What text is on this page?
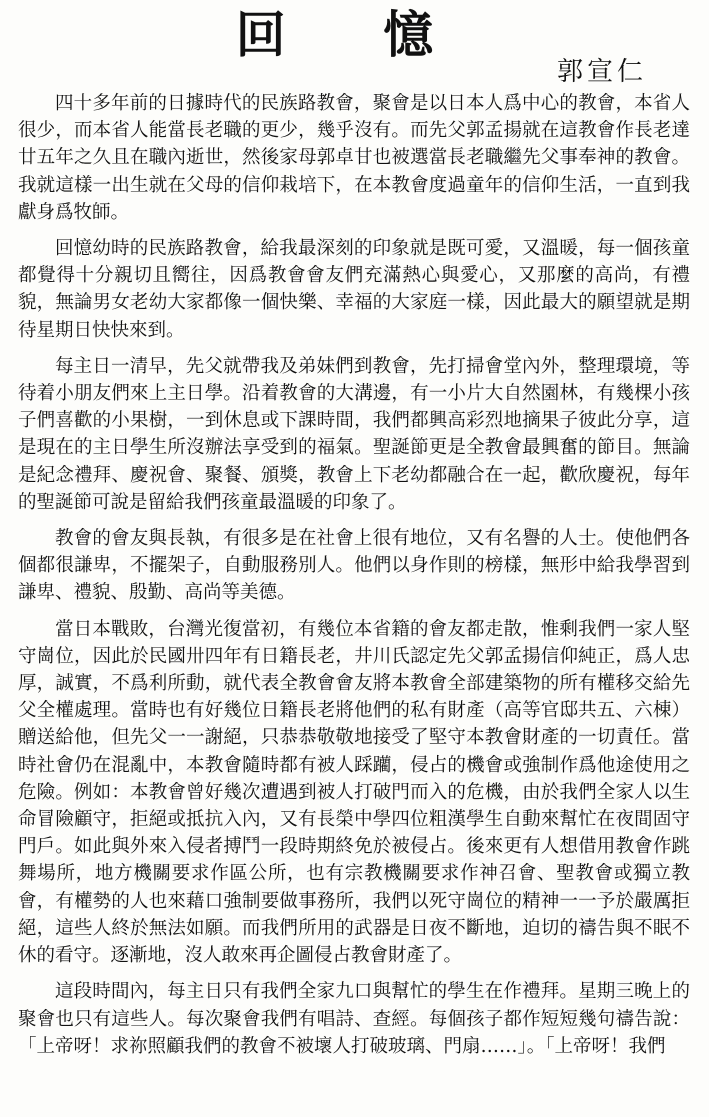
回 憶
郭宣仁

四十多年前的日據時代的民族路教會，聚會是以日本人爲中心的教會，本省人很少，而本省人能當長老職的更少，幾乎沒有。而先父郭孟揚就在這教會作長老達廿五年之久且在職內逝世，然後家母郭卓甘也被選當長老職繼先父事奉神的教會。我就這樣一出生就在父母的信仰栽培下，在本教會度過童年的信仰生活，一直到我獻身爲牧師。

回憶幼時的民族路教會，給我最深刻的印象就是既可愛，又溫暖，每一個孩童都覺得十分親切且嚮往，因爲教會會友們充滿熱心與愛心，又那麼的高尚，有禮貌，無論男女老幼大家都像一個快樂、幸福的大家庭一樣，因此最大的願望就是期待星期日快快來到。

每主日一清早，先父就帶我及弟妹們到教會，先打掃會堂內外，整理環境，等待着小朋友們來上主日學。沿着教會的大溝邊，有一小片大自然園林，有幾棵小孩子們喜歡的小果樹，一到休息或下課時間，我們都興高彩烈地摘果子彼此分享，這是現在的主日學生所沒辦法享受到的福氣。聖誕節更是全教會最興奮的節目。無論是紀念禮拜、慶祝會、聚餐、頒獎，教會上下老幼都融合在一起，歡欣慶祝，每年的聖誕節可說是留給我們孩童最溫暖的印象了。

教會的會友與長執，有很多是在社會上很有地位，又有名譽的人士。使他們各個都很謙卑，不擺架子，自動服務別人。他們以身作則的榜樣，無形中給我學習到謙卑、禮貌、殷勤、高尚等美德。

當日本戰敗，台灣光復當初，有幾位本省籍的會友都走散，惟剩我們一家人堅守崗位，因此於民國卅四年有日籍長老，井川氏認定先父郭孟揚信仰純正，爲人忠厚，誠實，不爲利所動，就代表全教會會友將本教會全部建築物的所有權移交給先父全權處理。當時也有好幾位日籍長老將他們的私有財產（高等官邸共五、六棟）贈送給他，但先父一一謝絕，只恭恭敬敬地接受了堅守本教會財產的一切責任。當時社會仍在混亂中，本教會隨時都有被人踩躪，侵占的機會或強制作爲他途使用之危險。例如：本教會曾好幾次遭遇到被人打破門而入的危機，由於我們全家人以生命冒險顧守，拒絕或抵抗入內，又有長榮中學四位粗漢學生自動來幫忙在夜間固守門戶。如此與外來入侵者搏鬥一段時期終免於被侵占。後來更有人想借用教會作跳舞場所，地方機關要求作區公所，也有宗教機關要求作神召會、聖教會或獨立教會，有權勢的人也來藉口強制要做事務所，我們以死守崗位的精神一一予於嚴厲拒絕，這些人終於無法如願。而我們所用的武器是日夜不斷地，迫切的禱告與不眠不休的看守。逐漸地，沒人敢來再企圖侵占教會財產了。

這段時間內，每主日只有我們全家九口與幫忙的學生在作禮拜。星期三晚上的聚會也只有這些人。每次聚會我們有唱詩、查經。每個孩子都作短短幾句禱告說：「上帝呀！求祢照顧我們的教會不被壞人打破玻璃、門扇……」。「上帝呀！我們
